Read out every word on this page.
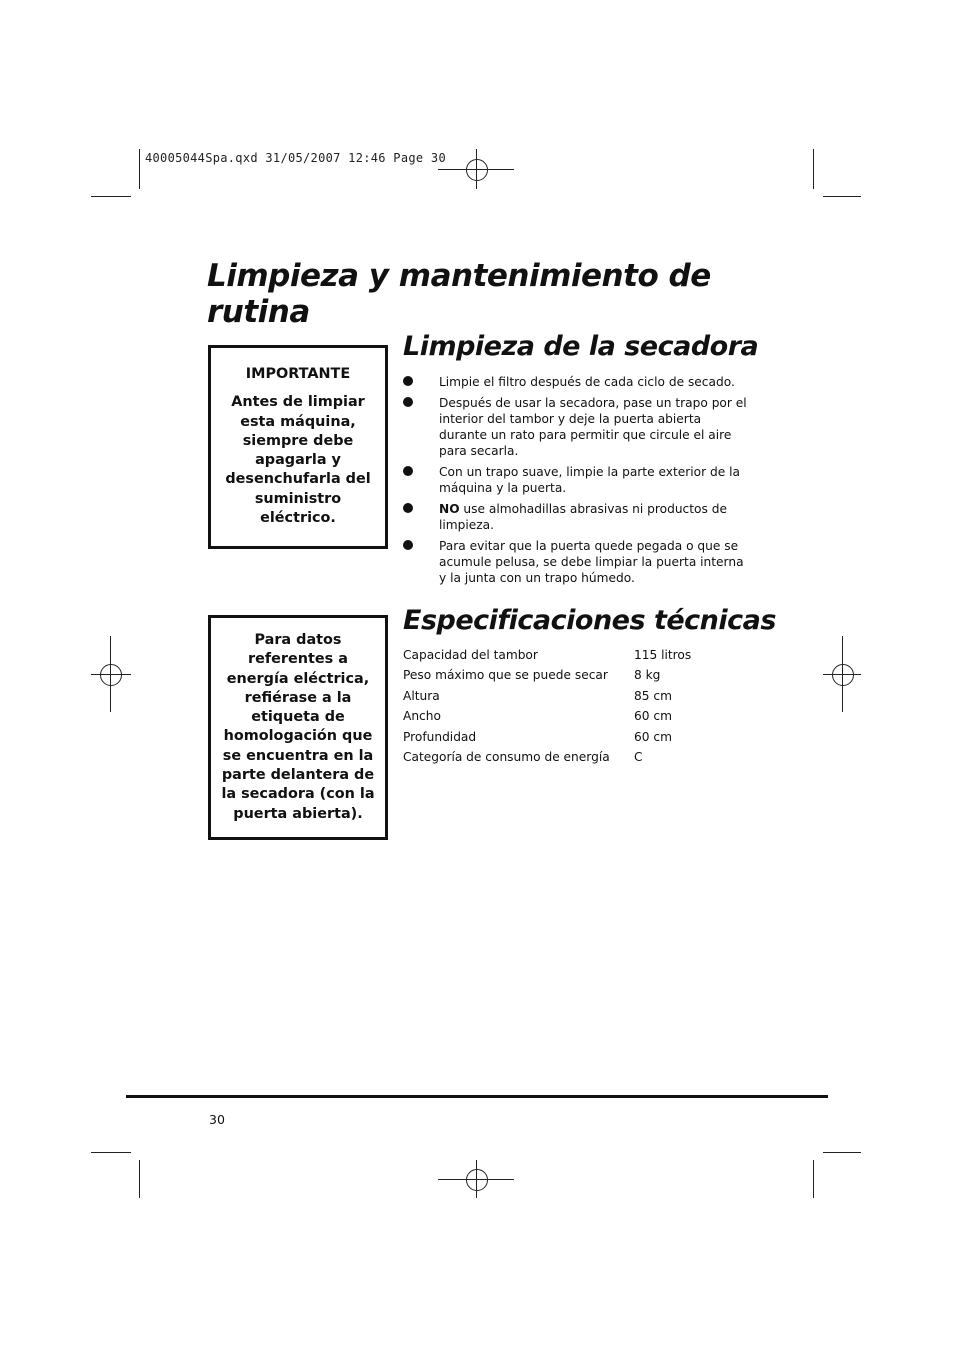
40005044Spa.qxd 31/05/2007 12:46 Page 30
Limpieza y mantenimiento de rutina

IMPORTANTE

Antes de limpiar esta máquina, siempre debe apagarla y desenchufarla del suministro eléctrico.

Para datos referentes a energía eléctrica, refiérase a la etiqueta de homologación que se encuentra en la parte delantera de la secadora (con la puerta abierta).

Limpieza de la secadora
Limpie el filtro después de cada ciclo de secado.
Después de usar la secadora, pase un trapo por el interior del tambor y deje la puerta abierta durante un rato para permitir que circule el aire para secarla.
Con un trapo suave, limpie la parte exterior de la máquina y la puerta.
NO use almohadillas abrasivas ni productos de limpieza.
Para evitar que la puerta quede pegada o que se acumule pelusa, se debe limpiar la puerta interna y la junta con un trapo húmedo.
Especificaciones técnicas
Capacidad del tambor	115 litros
Peso máximo que se puede secar	8 kg
Altura	85 cm
Ancho	60 cm
Profundidad	60 cm
Categoría de consumo de energía	C
30
